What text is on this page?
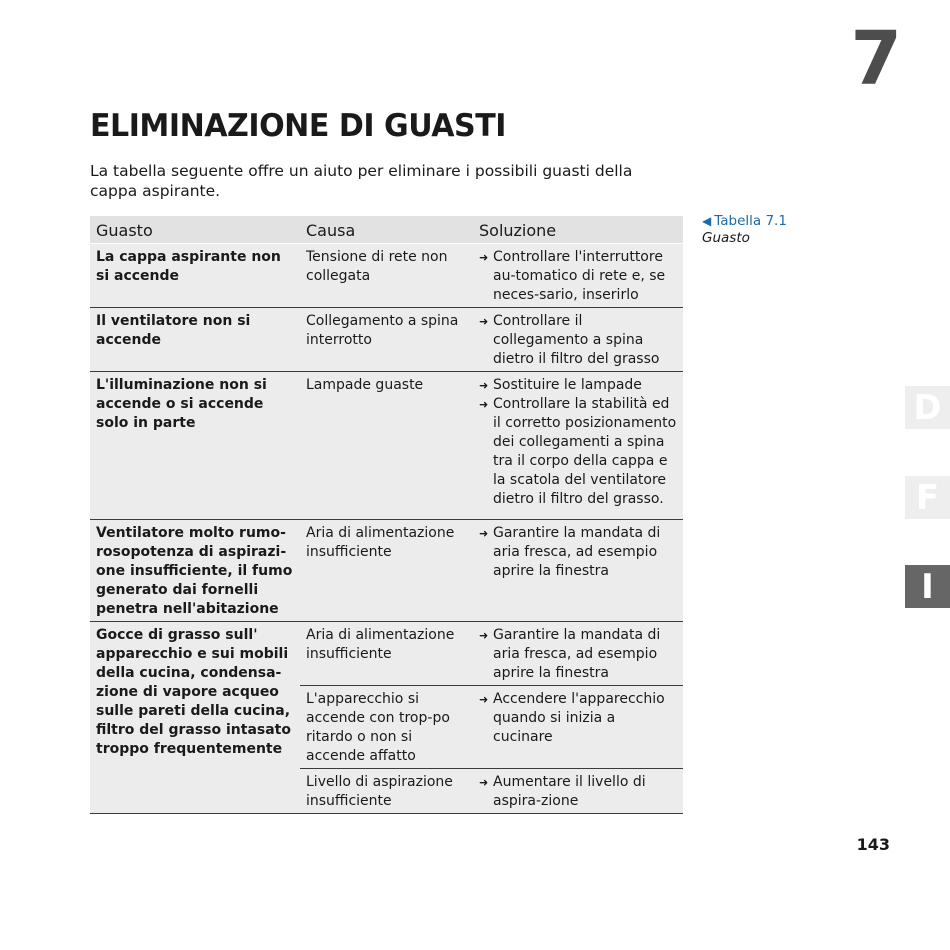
7
ELIMINAZIONE DI GUASTI

La tabella seguente offre un aiuto per eliminare i possibili guasti della cappa aspirante.

Guasto	Causa	Soluzione
La cappa aspirante non si accende	Tensione di rete non collegata	➜ Controllare l'interruttore au-tomatico di rete e, se neces-sario, inserirlo

Il ventilatore non si accende	Collegamento a spina interrotto	➜ Controllare il collegamento a spina dietro il filtro del grasso

L'illuminazione non si accende o si accende solo in parte	Lampade guaste	➜ Sostituire le lampade
➜ Controllare la stabilità ed il corretto posizionamento dei collegamenti a spina tra il corpo della cappa e la scatola del ventilatore dietro il filtro del grasso.

Ventilatore molto rumo-rosopotenza di aspirazi-one insufficiente, il fumo generato dai fornelli penetra nell'abitazione	Aria di alimentazione insufficiente	➜ Garantire la mandata di aria fresca, ad esempio aprire la finestra

Gocce di grasso sull' apparecchio e sui mobili della cucina, condensa-zione di vapore acqueo sulle pareti della cucina, filtro del grasso intasato troppo frequentemente	Aria di alimentazione insufficiente	➜ Garantire la mandata di aria fresca, ad esempio aprire la finestra

	L'apparecchio si accende con trop-po ritardo o non si accende affatto	➜ Accendere l'apparecchio quando si inizia a cucinare

	Livello di aspirazione insufficiente	➜ Aumentare il livello di aspira-zione
◀ Tabella 7.1
Guasto
D
F
I
143
